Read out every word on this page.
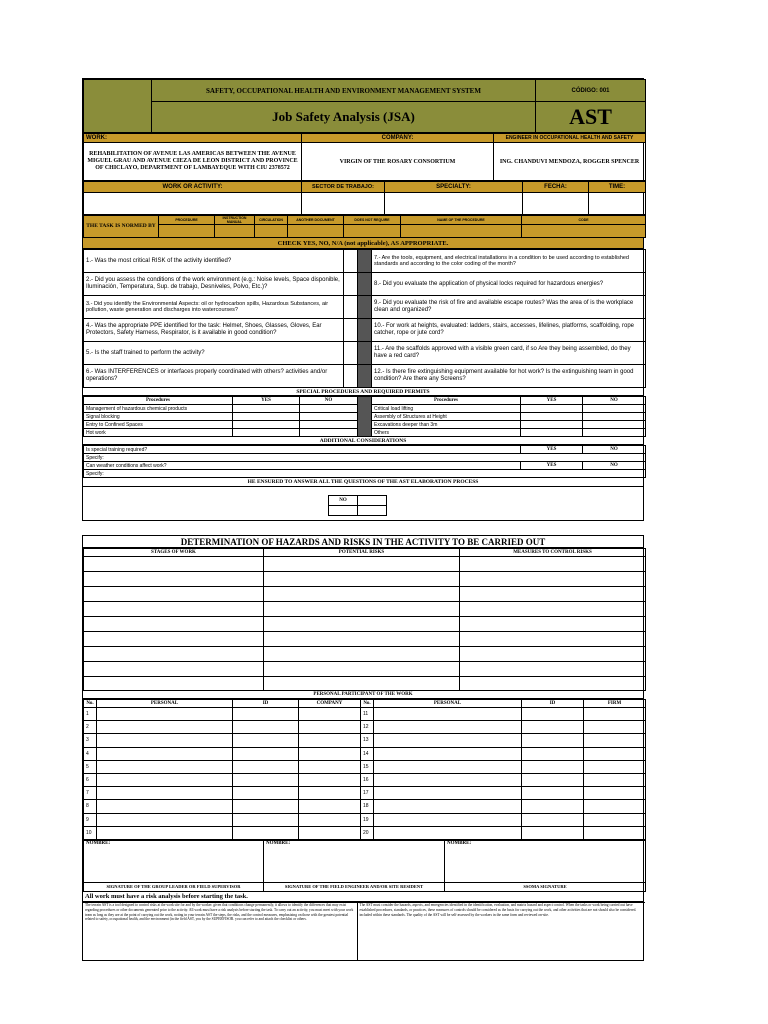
	SAFETY, OCCUPATIONAL HEALTH AND ENVIRONMENT MANAGEMENT SYSTEM	CÓDIGO: 001
	Job Safety Analysis (JSA)	AST

WORK:	COMPANY:	ENGINEER IN OCCUPATIONAL HEALTH AND SAFETY
REHABILITATION OF AVENUE LAS AMERICAS BETWEEN THE AVENUE MIGUEL GRAU AND AVENUE CIEZA DE LEON DISTRICT AND PROVINCE OF CHICLAYO, DEPARTMENT OF LAMBAYEQUE WITH CIU 2378572	VIRGIN OF THE ROSARY CONSORTIUM	ING. CHANDUVI MENDOZA, ROGGER SPENCER
WORK OR ACTIVITY:	SECTOR DE TRABAJO:	SPECIALTY:	FECHA:	TIME:

THE TASK IS NORMED BY	PROCEDURE	INSTRUCTION MANUAL	CIRCULATION	ANOTHER DOCUMENT	DOES NOT REQUIRE	NAME OF THE PROCEDURE	CODE

CHECK YES, NO, N/A (not applicable), AS APPROPRIATE.
1.- Was the most critical RISK of the activity identified?			7.- Are the tools, equipment, and electrical installations in a condition to be used according to established standards and according to the color coding of the month?
2.- Did you assess the conditions of the work environment (e.g.: Noise levels, Space disponible, Iluminación, Temperatura, Sup. de trabajo, Desniveles, Polvo, Etc.)?			8.- Did you evaluate the application of physical locks required for hazardous energies?
3.- Did you identify the Environmental Aspects: oil or hydrocarbon spills, Hazardous Substances, air pollution, waste generation and discharges into watercourses?			9.- Did you evaluate the risk of fire and available escape routes? Was the area of is the workplace clean and organized?
4.- Was the appropriate PPE identified for the task: Helmet, Shoes, Glasses, Gloves, Ear Protectors, Safety Harness, Respirator, is it available in good condition?			10.- For work at heights, evaluated: ladders, stairs, accesses, lifelines, platforms, scaffolding, rope catcher, rope or jute cord?
5.- Is the staff trained to perform the activity?			11.- Are the scaffolds approved with a visible green card, if so Are they being assembled, do they have a red card?
6.- Was INTERFERENCES or interfaces properly coordinated with others? activities and/or operations?			12.- Is there fire extinguishing equipment available for hot work? Is the extinguishing team in good condition? Are there any Screens?
SPECIAL PROCEDURES AND REQUIRED PERMITS
Procedures	YES	NO		Procedures	YES	NO
Management of hazardous chemical products				Critical load lifting		
Signal blocking				Assembly of Structures at Height		
Entry to Confined Spaces				Excavations deeper than 3m		
Hot work				Others		
ADDITIONAL CONSIDERATIONS
Is special training required?	YES	NO
Specify:		
Can weather conditions affect work?	YES	NO
Specify:		
HE ENSURED TO ANSWER ALL THE QUESTIONS OF THE AST ELABORATION PROCESS
NO	

DETERMINATION OF HAZARDS AND RISKS IN THE ACTIVITY TO BE CARRIED OUT
STAGES OF WORK	POTENTIAL RISKS	MEASURES TO CONTROL RISKS

PERSONAL PARTICIPANT OF THE WORK
No.	PERSONAL	ID	COMPANY	No.	PERSONAL	ID	FIRM
1				11			
2				12			
3				13			
4				14			
5				15			
6				16			
7				17			
8				18			
9				19			
10				20			
NOMBRE:	NOMBRE:	NOMBRE:

SIGNATURE OF THE GROUP LEADER OR FIELD SUPERVISOR	SIGNATURE OF THE FIELD ENGINEER AND/OR SITE RESIDENT	SSOMA SIGNATURE
All work must have a risk analysis before starting the task.
The terrain AST is a tool designed to control risks at the work site for and by the worker. given that conditions change permanently, it allows to identify the differences that may exist regarding procedures or other documents generated prior to the activity. All work must have a risk analysis before starting the task. To carry out an activity, you must meet with your work team as long as they are at the point of carrying out the work, noting in your terrain AST the steps, the risks, and the control measures, emphasizing on those with the greatest potential related to safety, occupational health, and the environment (in the field AST, you by the SUPERVISOR. you can refer to and attach the checklist or others.	The AST must consider the hazards, aspects, and emergencies identified in the identification, evaluation, and matrix hazard and aspect control. When the tasks or work being carried out have established procedures, standards, or practices, these measures of controls should be considered as the basis for carrying out the work, and other activities that are not should also be considered. included within these standards. The quality of the AST will be self-assessed by the workers in the same form and reviewed on-site.
